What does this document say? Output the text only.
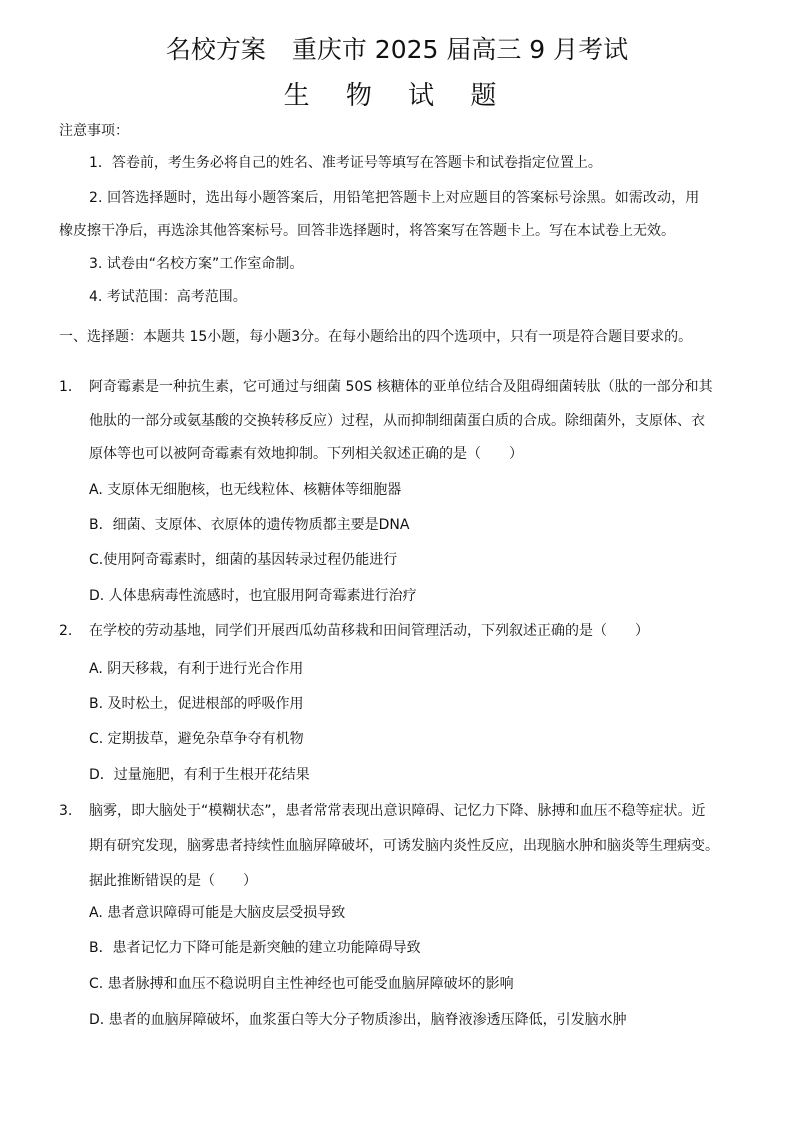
名校方案 重庆市 2025 届高三 9 月考试
生 物 试 题
注意事项：
1．答卷前，考生务必将自己的姓名、准考证号等填写在答题卡和试卷指定位置上。
2. 回答选择题时，选出每小题答案后，用铅笔把答题卡上对应题目的答案标号涂黑。如需改动，用
橡皮擦干净后，再选涂其他答案标号。回答非选择题时，将答案写在答题卡上。写在本试卷上无效。
3. 试卷由“名校方案”工作室命制。
4. 考试范围：高考范围。
一、选择题：本题共 15小题，每小题3分。在每小题给出的四个选项中，只有一项是符合题目要求的。
1． 阿奇霉素是一种抗生素，它可通过与细菌 50S 核糖体的亚单位结合及阻碍细菌转肽（肽的一部分和其
他肽的一部分或氨基酸的交换转移反应）过程，从而抑制细菌蛋白质的合成。除细菌外，支原体、衣
原体等也可以被阿奇霉素有效地抑制。下列相关叙述正确的是（　　）
A. 支原体无细胞核，也无线粒体、核糖体等细胞器
B．细菌、支原体、衣原体的遗传物质都主要是DNA
C.使用阿奇霉素时，细菌的基因转录过程仍能进行
D. 人体患病毒性流感时，也宜服用阿奇霉素进行治疗
2. 在学校的劳动基地，同学们开展西瓜幼苗移栽和田间管理活动，下列叙述正确的是（　　）
A. 阴天移栽，有利于进行光合作用
B. 及时松土，促进根部的呼吸作用
C. 定期拔草，避免杂草争夺有机物
D．过量施肥，有利于生根开花结果
3. 脑雾，即大脑处于“模糊状态”，患者常常表现出意识障碍、记忆力下降、脉搏和血压不稳等症状。近
期有研究发现，脑雾患者持续性血脑屏障破坏，可诱发脑内炎性反应，出现脑水肿和脑炎等生理病变。
据此推断错误的是（　　）
A. 患者意识障碍可能是大脑皮层受损导致
B．患者记忆力下降可能是新突触的建立功能障碍导致
C. 患者脉搏和血压不稳说明自主性神经也可能受血脑屏障破坏的影响
D. 患者的血脑屏障破坏，血浆蛋白等大分子物质渗出，脑脊液渗透压降低，引发脑水肿
